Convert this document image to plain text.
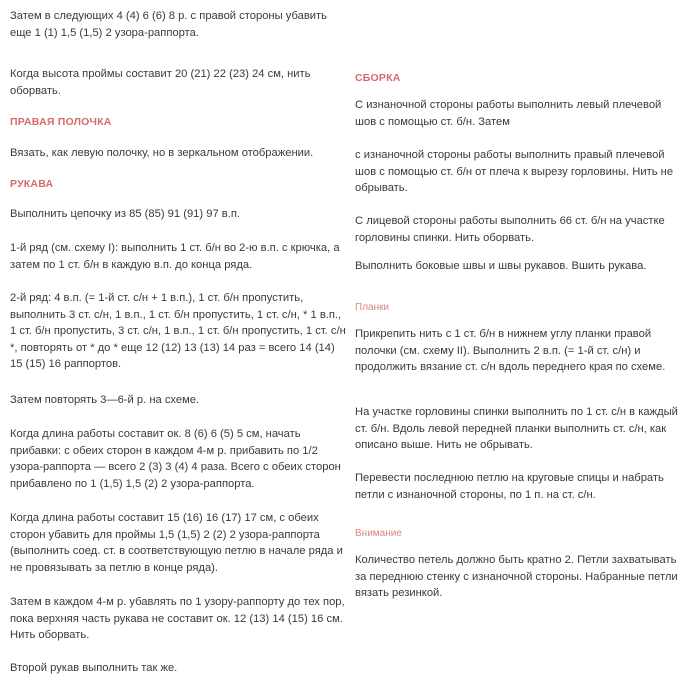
Затем в следующих 4 (4) 6 (6) 8 р. с правой стороны убавить еще 1 (1) 1,5 (1,5) 2 узора-раппорта.

Когда высота проймы составит 20 (21) 22 (23) 24 см, нить оборвать.

ПРАВАЯ ПОЛОЧКА

Вязать, как левую полочку, но в зеркальном отображении.

РУКАВА

Выполнить цепочку из 85 (85) 91 (91) 97 в.п.

1-й ряд (см. схему I): выполнить 1 ст. б/н во 2-ю в.п. с крючка, а затем по 1 ст. б/н в каждую в.п. до конца ряда.

2-й ряд: 4 в.п. (= 1-й ст. с/н + 1 в.п.), 1 ст. б/н пропустить, выполнить 3 ст. с/н, 1 в.п., 1 ст. б/н пропустить, 1 ст. с/н, * 1 в.п., 1 ст. б/н пропустить, 3 ст. с/н, 1 в.п., 1 ст. б/н пропустить, 1 ст. с/н *, повторять от * до * еще 12 (12) 13 (13) 14 раз = всего 14 (14) 15 (15) 16 раппортов.

Затем повторять 3—6-й р. на схеме.

Когда длина работы составит ок. 8 (6) 6 (5) 5 см, начать прибавки: с обеих сторон в каждом 4-м р. прибавить по 1/2 узора-раппорта — всего 2 (3) 3 (4) 4 раза. Всего с обеих сторон прибавлено по 1 (1,5) 1,5 (2) 2 узора-раппорта.

Когда длина работы составит 15 (16) 16 (17) 17 см, с обеих сторон убавить для проймы 1,5 (1,5) 2 (2) 2 узора-раппорта (выполнить соед. ст. в соответствующую петлю в начале ряда и не провязывать за петлю в конце ряда).

Затем в каждом 4-м р. убавлять по 1 узору-раппорту до тех пор, пока верхняя часть рукава не составит ок. 12 (13) 14 (15) 16 см. Нить оборвать.

Второй рукав выполнить так же.

СБОРКА

С изнаночной стороны работы выполнить левый плечевой шов с помощью ст. б/н. Затем

с изнаночной стороны работы выполнить правый плечевой шов с помощью ст. б/н от плеча к вырезу горловины. Нить не обрывать.

С лицевой стороны работы выполнить 66 ст. б/н на участке горловины спинки. Нить оборвать.

Выполнить боковые швы и швы рукавов. Вшить рукава.

Планки

Прикрепить нить с 1 ст. б/н в нижнем углу планки правой полочки (см. схему II). Выполнить 2 в.п. (= 1-й ст. с/н) и продолжить вязание ст. с/н вдоль переднего края по схеме.

На участке горловины спинки выполнить по 1 ст. с/н в каждый ст. б/н. Вдоль левой передней планки выполнить ст. с/н, как описано выше. Нить не обрывать.

Перевести последнюю петлю на круговые спицы и набрать петли с изнаночной стороны, по 1 п. на ст. с/н.

Внимание

Количество петель должно быть кратно 2. Петли захватывать за переднюю стенку с изнаночной стороны. Набранные петли вязать резинкой.
